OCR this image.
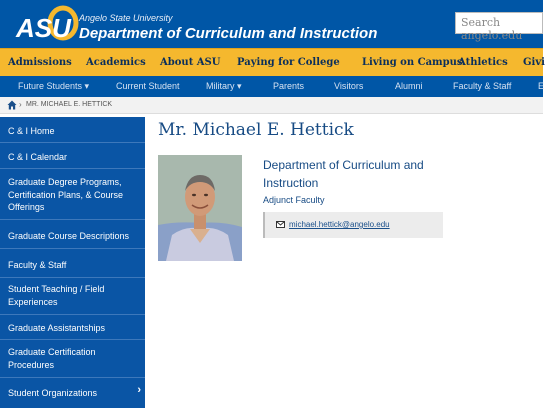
ASU Angelo State University
Department of Curriculum and Instruction
Search angelo.edu
Admissions Academics About ASU Paying for College Living on Campus
Athletics Givi
Future Students ▾	Current Student	Military ▾	Parents	Visitors	Alumni	Faculty & Staff	E
› MR. MICHAEL E. HETTICK
C & I Home
C & I Calendar
Graduate Degree Programs, Certification Plans, & Course Offerings
Graduate Course Descriptions
Faculty & Staff
Student Teaching / Field Experiences
Graduate Assistantships
Graduate Certification Procedures
Student Organizations	›
Mr. Michael E. Hettick
Department of Curriculum and Instruction
Adjunct Faculty
michael.hettick@angelo.edu
